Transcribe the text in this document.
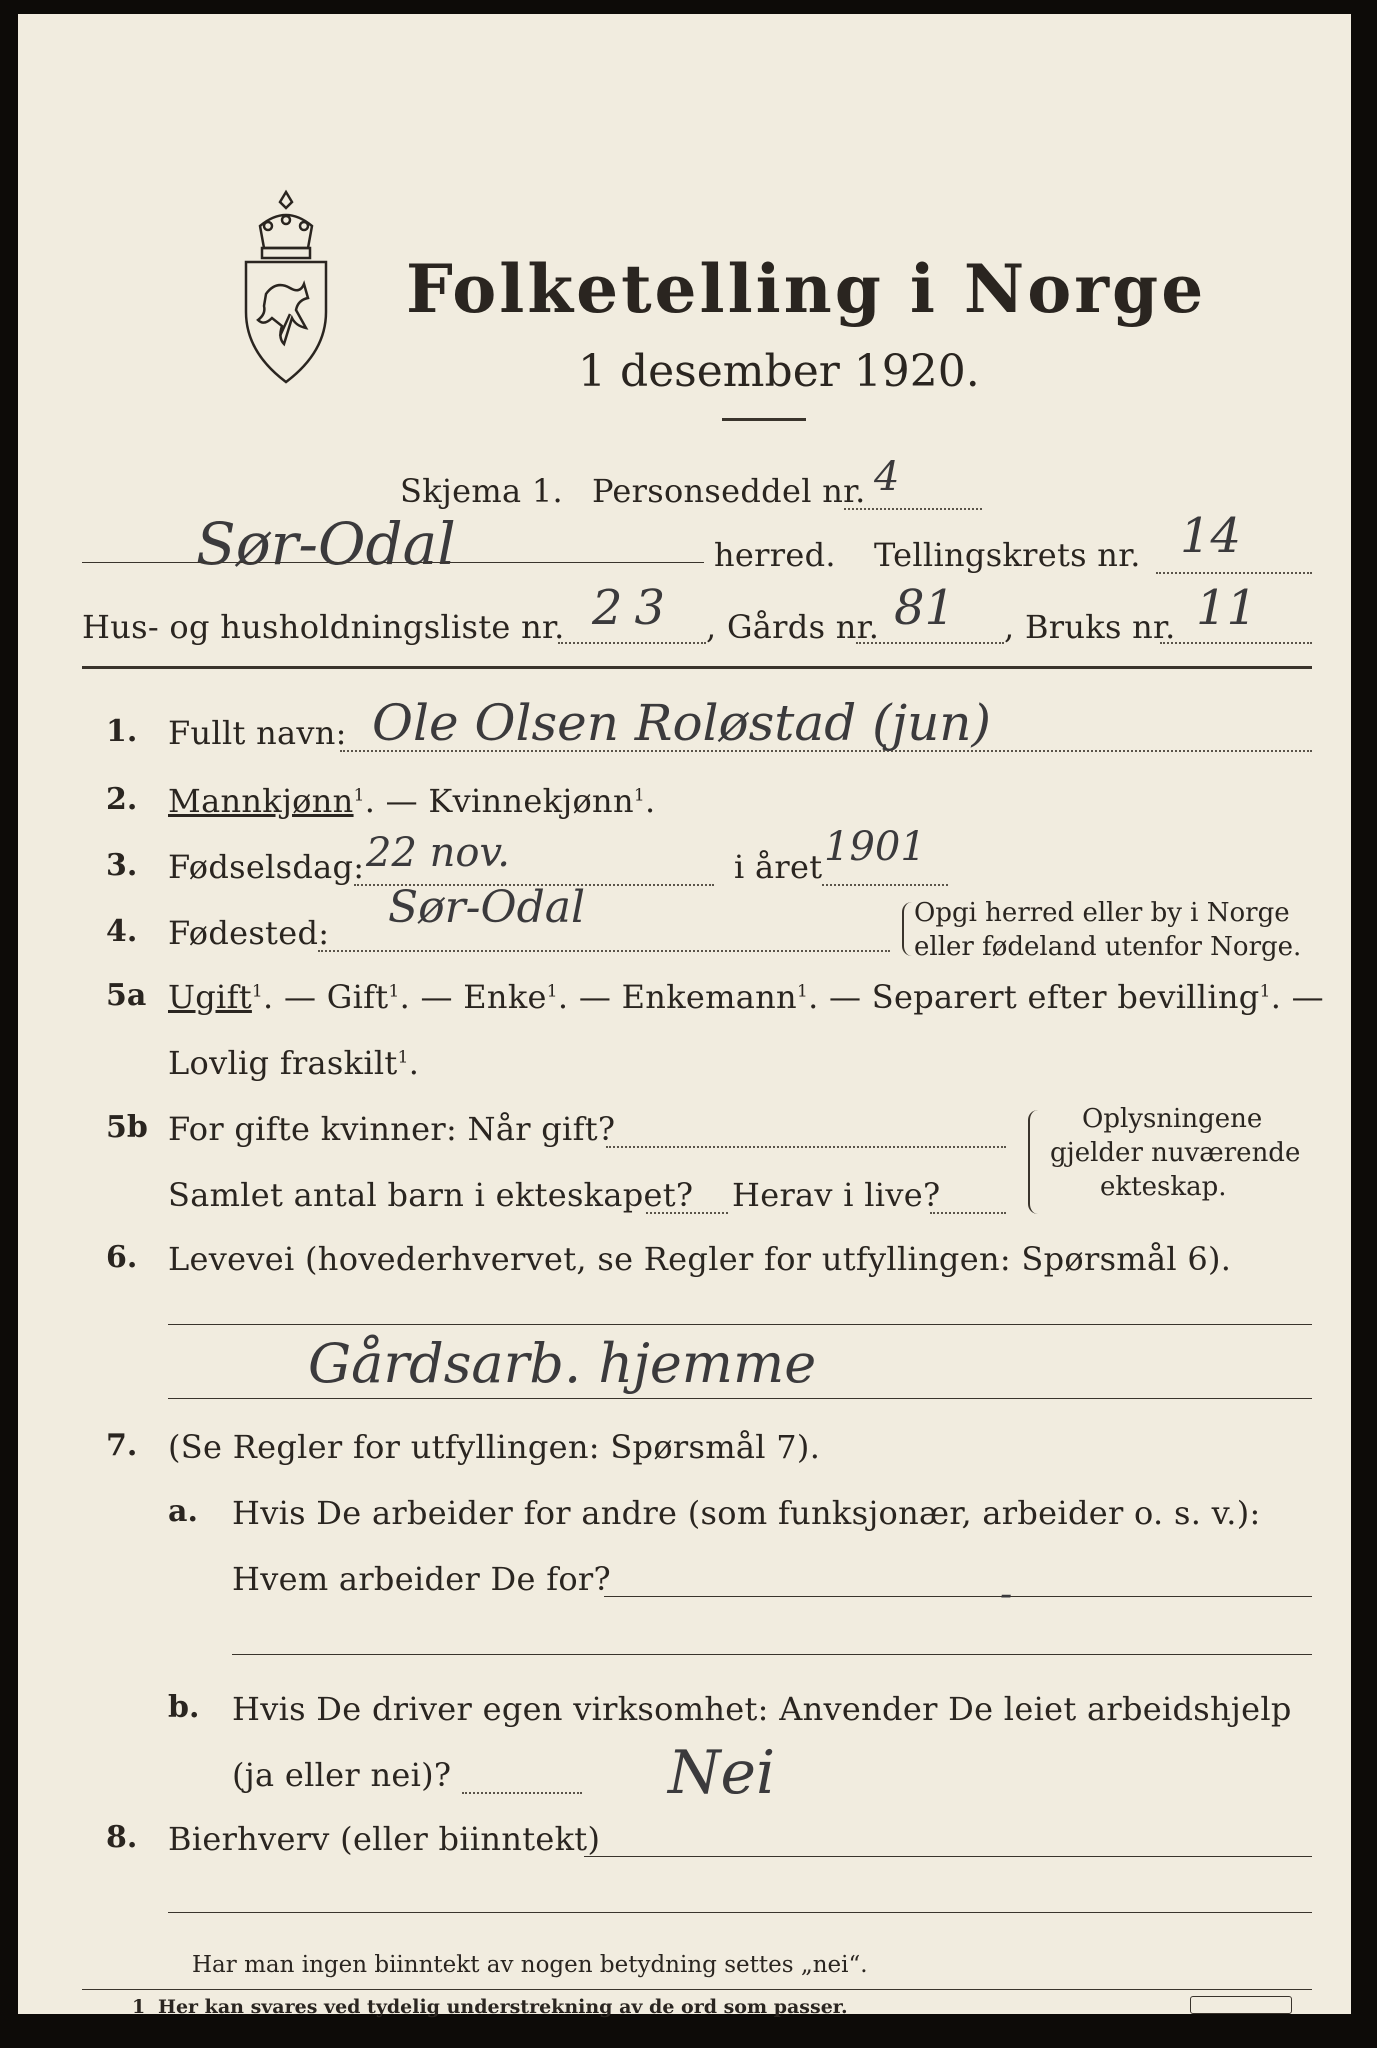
Folketelling i Norge
1 desember 1920.
Skjema 1. Personseddel nr. 4
Sør-Odal	herred. Tellingskrets nr. 14
Hus- og husholdningsliste nr. 23 , Gårds nr. 81 , Bruks nr. 11
1. Fullt navn: Ole Olsen Roløstad (jun)
2. Mannkjønn$^1$. — Kvinnekjønn$^1$.
3. Fødselsdag: 22 nov.	i året 1901
4. Fødested: Sør-Odal	Opgi herred eller by i Norge
eller fødeland utenfor Norge.
5a Ugift$^1$. — Gift$^1$. — Enke$^1$. — Enkemann$^1$. — Separert efter bevilling$^1$. —
Lovlig fraskilt$^1$.
5b For gifte kvinner: Når gift?
Samlet antal barn i ekteskapet? Herav i live?
Oplysningene
gjelder nuværende
ekteskap.
6. Levevei (hovederhvervet, se Regler for utfyllingen: Spørsmål 6).
Gårdsarb. hjemme
7. (Se Regler for utfyllingen: Spørsmål 7).
a. Hvis De arbeider for andre (som funksjonær, arbeider o. s. v.):
Hvem arbeider De for?	-
b. Hvis De driver egen virksomhet: Anvender De leiet arbeidshjelp
(ja eller nei)?	Nei
8. Bierhverv (eller biinntekt)
Har man ingen biinntekt av nogen betydning settes „nei“.
1 Her kan svares ved tydelig understrekning av de ord som passer.
